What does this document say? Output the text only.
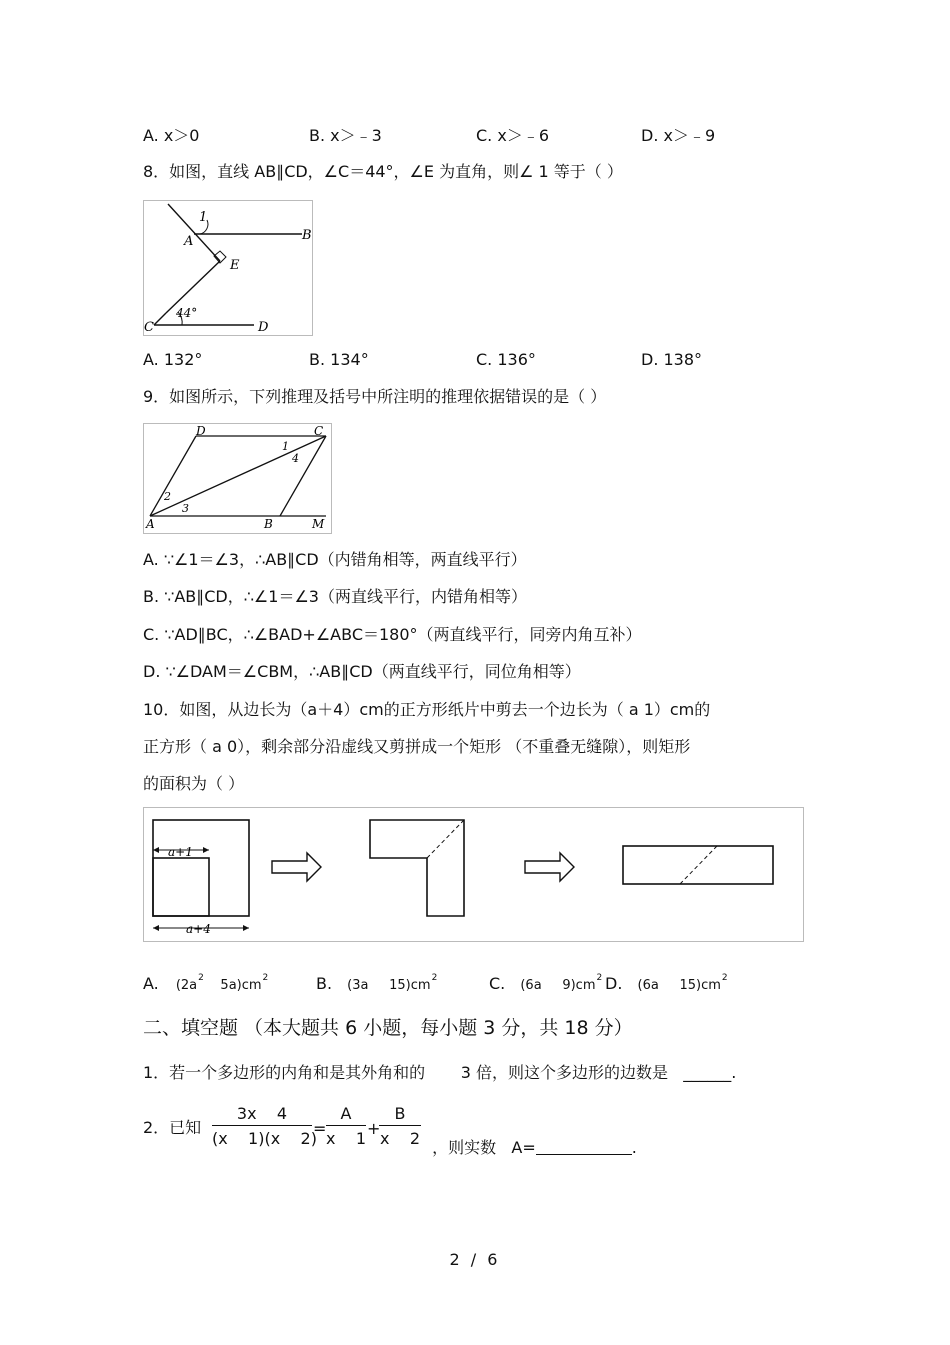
A. x＞0	B. x＞﹣3	C. x＞﹣6	D. x＞﹣9
8．如图，直线 AB∥CD，∠C＝44°，∠E 为直角，则∠ 1 等于（ ）
1
A	B
E
C	D
44°
A. 132°	B. 134°	C. 136°	D. 138°
9．如图所示，下列推理及括号中所注明的推理依据错误的是（ ）
D	C
1
4
2
3
A	B	M
A. ∵∠1＝∠3，∴AB∥CD（内错角相等，两直线平行）
B. ∵AB∥CD，∴∠1＝∠3（两直线平行，内错角相等）
C. ∵AD∥BC，∴∠BAD+∠ABC＝180°（两直线平行，同旁内角互补）
D. ∵∠DAM＝∠CBM，∴AB∥CD（两直线平行，同位角相等）
10．如图，从边长为（a＋4）cm的正方形纸片中剪去一个边长为（ a 1）cm的
正方形（ a 0），剩余部分沿虚线又剪拼成一个矩形 （不重叠无缝隙），则矩形
的面积为（ ）
a+1
a+4
A. ($2a^2$    $5a)cm^2$	B. (3a     $15)cm^2$	C. (6a     $9)cm^2$ D. (6a     $15)cm^2$
二、填空题 （本大题共 6 小题，每小题 3 分，共 18 分）
1．若一个多边形的内角和是其外角和的       3 倍，则这个多边形的边数是   ______.
2．已知 $\frac{3x 4}{(x 1)(x 2)} = \frac{A}{x 1}$ +
$\frac{B}{x 2}$ ，则实数   A=	.

2 / 6
